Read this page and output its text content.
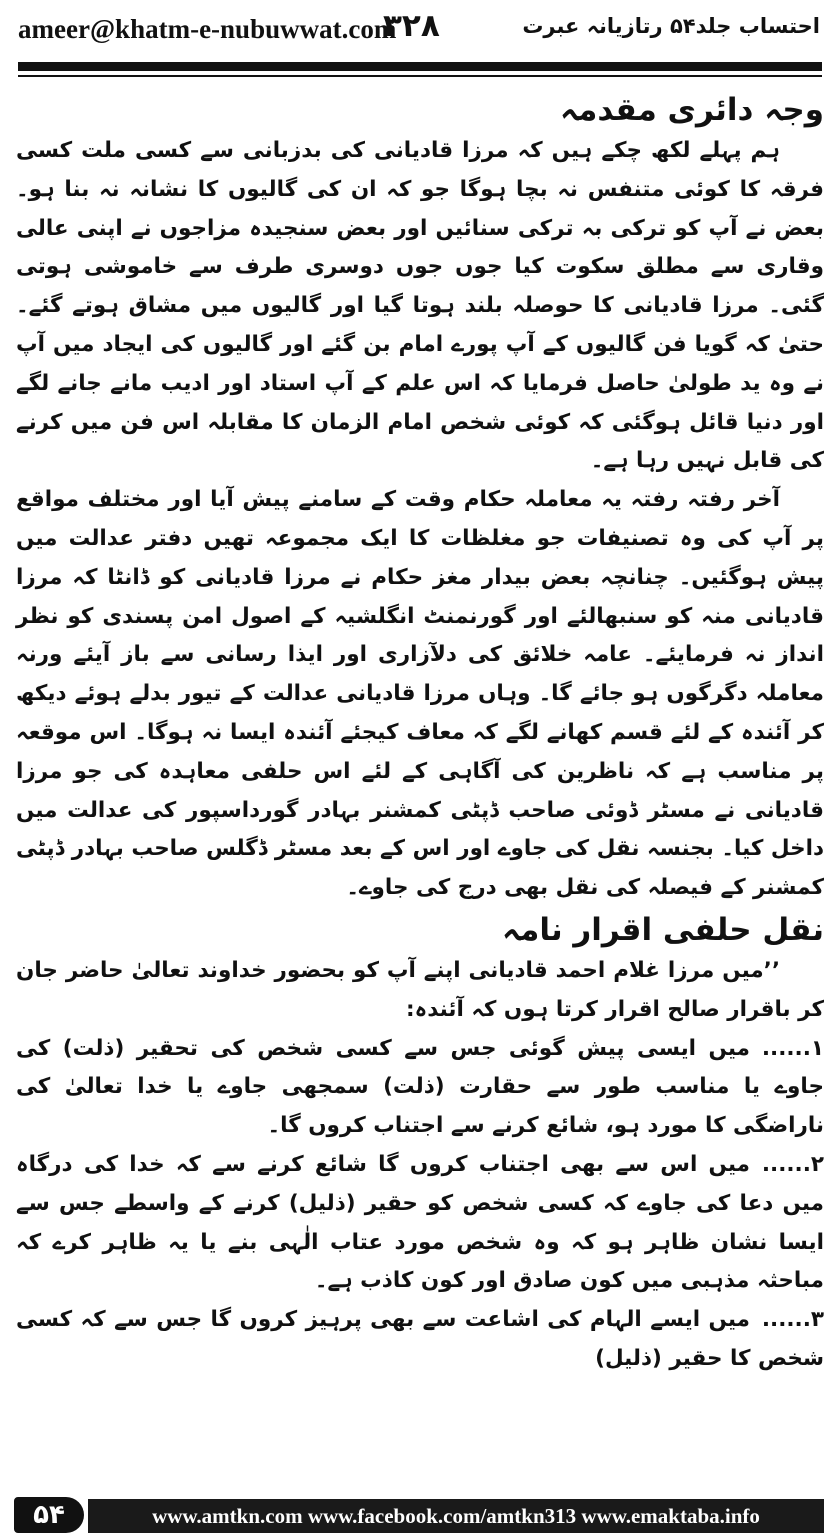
ameer@khatm-e-nubuwwat.com
۳۲۸	احتساب جلد۵۴ رتازیانہ عبرت

وجہ دائری مقدمہ

ہم پہلے لکھ چکے ہیں کہ مرزا قادیانی کی بدزبانی سے کسی ملت کسی فرقہ کا کوئی متنفس نہ بچا ہوگا جو کہ ان کی گالیوں کا نشانہ نہ بنا ہو۔ بعض نے آپ کو ترکی بہ ترکی سنائیں اور بعض سنجیدہ مزاجوں نے اپنی عالی وقاری سے مطلق سکوت کیا جوں جوں دوسری طرف سے خاموشی ہوتی گئی۔ مرزا قادیانی کا حوصلہ بلند ہوتا گیا اور گالیوں میں مشاق ہوتے گئے۔ حتیٰ کہ گویا فن گالیوں کے آپ پورے امام بن گئے اور گالیوں کی ایجاد میں آپ نے وہ ید طولیٰ حاصل فرمایا کہ اس علم کے آپ استاد اور ادیب مانے جانے لگے اور دنیا قائل ہوگئی کہ کوئی شخص امام الزمان کا مقابلہ اس فن میں کرنے کی قابل نہیں رہا ہے۔

آخر رفتہ رفتہ یہ معاملہ حکام وقت کے سامنے پیش آیا اور مختلف مواقع پر آپ کی وہ تصنیفات جو مغلظات کا ایک مجموعہ تھیں دفتر عدالت میں پیش ہوگئیں۔ چنانچہ بعض بیدار مغز حکام نے مرزا قادیانی کو ڈانٹا کہ مرزا قادیانی منہ کو سنبھالئے اور گورنمنٹ انگلشیہ کے اصول امن پسندی کو نظر انداز نہ فرمایئے۔ عامہ خلائق کی دلآزاری اور ایذا رسانی سے باز آیئے ورنہ معاملہ دگرگوں ہو جائے گا۔ وہاں مرزا قادیانی عدالت کے تیور بدلے ہوئے دیکھ کر آئندہ کے لئے قسم کھانے لگے کہ معاف کیجئے آئندہ ایسا نہ ہوگا۔ اس موقعہ پر مناسب ہے کہ ناظرین کی آگاہی کے لئے اس حلفی معاہدہ کی جو مرزا قادیانی نے مسٹر ڈوئی صاحب ڈپٹی کمشنر بہادر گورداسپور کی عدالت میں داخل کیا۔ بجنسہ نقل کی جاوے اور اس کے بعد مسٹر ڈگلس صاحب بہادر ڈپٹی کمشنر کے فیصلہ کی نقل بھی درج کی جاوے۔

نقل حلفی اقرار نامہ

’’میں مرزا غلام احمد قادیانی اپنے آپ کو بحضور خداوند تعالیٰ حاضر جان کر باقرار صالح اقرار کرتا ہوں کہ آئندہ:

۱......میں ایسی پیش گوئی جس سے کسی شخص کی تحقیر (ذلت) کی جاوے یا مناسب طور سے حقارت (ذلت) سمجھی جاوے یا خدا تعالیٰ کی ناراضگی کا مورد ہو، شائع کرنے سے اجتناب کروں گا۔

۲......میں اس سے بھی اجتناب کروں گا شائع کرنے سے کہ خدا کی درگاہ میں دعا کی جاوے کہ کسی شخص کو حقیر (ذلیل) کرنے کے واسطے جس سے ایسا نشان ظاہر ہو کہ وہ شخص مورد عتاب الٰہی بنے یا یہ ظاہر کرے کہ مباحثہ مذہبی میں کون صادق اور کون کاذب ہے۔

۳......میں ایسے الہام کی اشاعت سے بھی پرہیز کروں گا جس سے کہ کسی شخص کا حقیر (ذلیل)

۵۴	www.amtkn.com www.facebook.com/amtkn313 www.emaktaba.info
